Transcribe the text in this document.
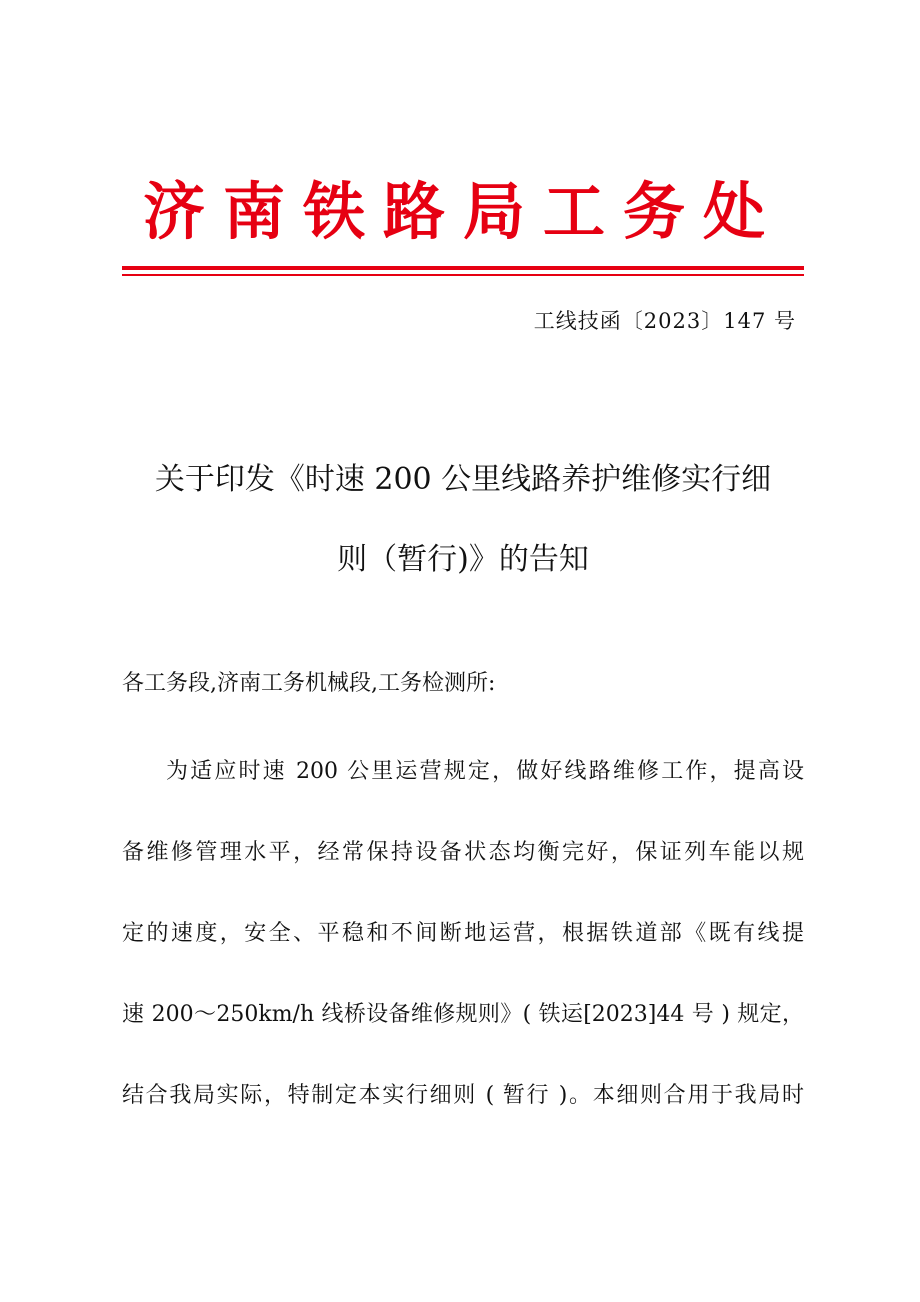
济南铁路局工务处
工线技函〔2023〕147 号
关于印发《时速 200 公里线路养护维修实行细
则（暂行)》的告知
各工务段,济南工务机械段,工务检测所:
为适应时速 200 公里运营规定，做好线路维修工作，提高设
备维修管理水平，经常保持设备状态均衡完好，保证列车能以规
定的速度，安全、平稳和不间断地运营，根据铁道部《既有线提
速 200～250km/h 线桥设备维修规则》( 铁运[2023]44 号 ) 规定，
结合我局实际，特制定本实行细则 ( 暂行 )。本细则合用于我局时
